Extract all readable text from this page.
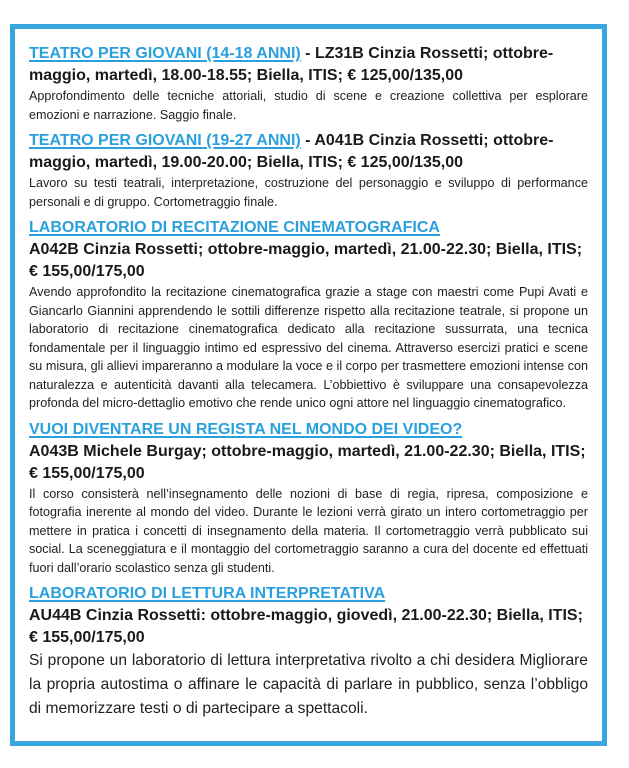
TEATRO PER GIOVANI (14-18 ANNI) - LZ31B Cinzia Rossetti; ottobre-maggio, martedì, 18.00-18.55; Biella, ITIS; € 125,00/135,00
Approfondimento delle tecniche attoriali, studio di scene e creazione collettiva per esplorare emozioni e narrazione. Saggio finale.
TEATRO PER GIOVANI (19-27 ANNI) - A041B Cinzia Rossetti; ottobre-maggio, martedì, 19.00-20.00; Biella, ITIS; € 125,00/135,00
Lavoro su testi teatrali, interpretazione, costruzione del personaggio e sviluppo di performance personali e di gruppo. Cortometraggio finale.
LABORATORIO DI RECITAZIONE CINEMATOGRAFICA
A042B Cinzia Rossetti; ottobre-maggio, martedì, 21.00-22.30; Biella, ITIS; € 155,00/175,00
Avendo approfondito la recitazione cinematografica grazie a stage con maestri come Pupi Avati e Giancarlo Giannini apprendendo le sottili differenze rispetto alla recitazione teatrale, si propone un laboratorio di recitazione cinematografica dedicato alla recitazione sussurrata, una tecnica fondamentale per il linguaggio intimo ed espressivo del cinema. Attraverso esercizi pratici e scene su misura, gli allievi impareranno a modulare la voce e il corpo per trasmettere emozioni intense con naturalezza e autenticità davanti alla telecamera. L’obbiettivo è sviluppare una consapevolezza profonda del micro-dettaglio emotivo che rende unico ogni attore nel linguaggio cinematografico.
VUOI DIVENTARE UN REGISTA NEL MONDO DEI VIDEO?
A043B Michele Burgay; ottobre-maggio, martedì, 21.00-22.30; Biella, ITIS; € 155,00/175,00
Il corso consisterà nell’insegnamento delle nozioni di base di regia, ripresa, composizione e fotografia inerente al mondo del video. Durante le lezioni verrà girato un intero cortometraggio per mettere in pratica i concetti di insegnamento della materia. Il cortometraggio verrà pubblicato sui social. La sceneggiatura e il montaggio del cortometraggio saranno a cura del docente ed effettuati fuori dall’orario scolastico senza gli studenti.
LABORATORIO DI LETTURA INTERPRETATIVA
AU44B Cinzia Rossetti: ottobre-maggio, giovedì, 21.00-22.30; Biella, ITIS; € 155,00/175,00
Si propone un laboratorio di lettura interpretativa rivolto a chi desidera Migliorare la propria autostima o affinare le capacità di parlare in pubblico, senza l’obbligo di memorizzare testi o di partecipare a spettacoli.
